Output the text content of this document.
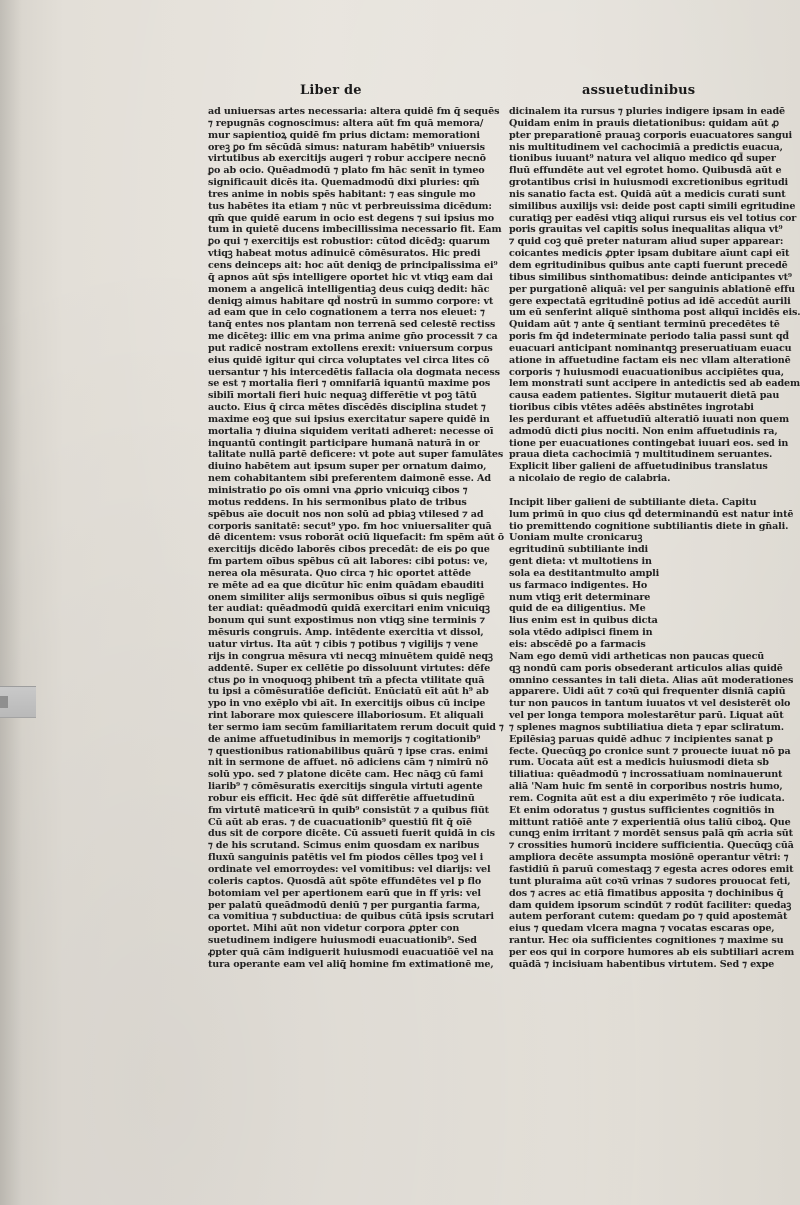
Liber de	assuetudinibus
ad uniuersas artes necessaria: altera quidē fm q̄ sequēs
⁊ repugnās cognoscimus: altera aūt fm quā memora/
mur sapientioꝝ quidē fm prius dictam: memorationi
oreꝫ ꝑo fm sēcūdā simus: naturam habētib⁹ vniuersis
virtutibus ab exercitijs augeri ⁊ robur accipere necnō
ꝑo ab ocio. Quēadmodū ⁊ plato fm hāc senīt in tymeo
significauit dicēs ita. Quemadmodū dixi pluries: qm̄
tres anime in nobis spēs habitant: ⁊ eas singule mo
tus habētes ita etiam ⁊ nūc vt perbreuissima dicēdum:
qm̄ que quidē earum in ocio est degens ⁊ sui ipsius mo
tum in quietē ducens imbecillissima necessario fit. Eam
ꝑo qui ⁊ exercitijs est robustior: cūtod dicēdꝫ: quarum
vtiqꝫ habeat motus adinuicē cōmēsuratos. Hic predi
cens deinceps ait: hoc aūt deniqꝫ de principalissima ei⁹
q̄ apnos aūt sp̄s intelligere oportet hic vt vtiqꝫ eam dai
monem a angelicā intelligentiaꝫ deus cuiqꝫ dedit: hāc
deniqꝫ aimus habitare qd̄ nostrū in summo corpore: vt
ad eam que in celo cognationem a terra nos eleuet: ⁊
tanq̄ entes nos plantam non terrenā sed celestē rectiss
me dicēteꝫ: illic em vna prima anime gn̄o processit ⁊ ca
put radicē nostram extollens erexit: vniuersum corpus
eius quidē igitur qui circa voluptates vel circa lites cō
uersantur ⁊ his intercedētis fallacia ola dogmata necess
se est ⁊ mortalia fieri ⁊ omnifariā iquantū maxime pos
sibilī mortali fieri huic nequaꝫ differētie vt poꝫ tātū
aucto. Eius q̄ circa mētes dīscēdēs disciplina studet ⁊
maxime eoꝫ que sui ipsius exercitatur sapere quidē in
mortalia ⁊ diuina siquidem veritati adheret: necesse oī
inquantū contingit participare humanā naturā in or
talitate nullā partē deficere: vt pote aut super famulātes
diuino habētem aut ipsum super per ornatum daimo,
nem cohabitantem sibi preferentem daimonē esse. Ad
ministratio ꝑo oīs omni vna ꝓprio vnicuiqꝫ cibos ⁊
motus reddens. In his sermonibus plato de tribus
spēbus aīe docuit nos non solū ad pbiaꝫ vtilesed ⁊ ad
corporis sanitatē: secut⁹ ypo. fm hoc vniuersaliter quā
dē dicentem: vsus roborāt ociū liquefacit: fm spēm aūt ō
exercitijs dicēdo laborēs cibos precedāt: de eis ꝑo que
fm partem oībus spēbus cū ait labores: cibi potus: ve,
nerea ola mēsurata. Quo circa ⁊ hic oportet attēde
re mēte ad ea que dicūtur hīc enim quādam ebauditi
onem similiter alijs sermonibus oībus si quis neglīgē
ter audiat: quēadmodū quidā exercitari enim vnicuiqꝫ
bonum qui sunt expostimus non vtiqꝫ sine terminis ⁊
mēsuris congruis. Amp. intēdente exercitia vt dissol,
uatur virtus. Ita aūt ⁊ cibis ⁊ potibus ⁊ vigilijs ⁊ vene
rijs in congrua mēsura vti necqꝫ minuētem quidē neqꝫ
addentē. Super ex cellētie ꝑo dissoluunt virtutes: dēfe
ctus ꝑo in vnoquoqꝫ phibent tm̄ a pfecta vtilitate quā
tu ipsi a cōmēsuratiōe deficiūt. Enūciatū eīt aūt h⁹ ab
ypo in vno exēplo vbi aīt. In exercitijs oibus cū incipe
rint laborare mox quiescere illaboriosum. Et aliquali
ter sermo iam secūm familiaritatem rerum docuit quid ⁊
de anime affuetudinibus in memorijs ⁊ cogitationib⁹
⁊ questionibus rationabilibus quārū ⁊ ipse cras. enimi
nit in sermone de affuet. nō adiciens cām ⁊ nimirū nō
solū ypo. sed ⁊ platone dicēte cam. Hec nāqꝫ cū fami
liarib⁹ ⁊ cōmēsuratis exercitijs singula virtuti agente
robur eis efficit. Hec q̄dē sūt differētie affuetudinū
fm virtutē maticeꝛrū in quib⁹ consistūt ⁊ a quibus fiūt
Cū aūt ab eras. ⁊ de cuacuationib⁹ questiū fit q̄ oīē
dus sit de corpore dicēte. Cū assueti fuerit quidā in cis
⁊ de his scrutand. Scimus enim quosdam ex naribus
fluxū sanguinis patētis vel fm piodos cēlles tpoꝫ vel i
ordinate vel emorroydes: vel vomitibus: vel diarijs: vel
coleris captos. Quosdā aūt spōte effundētes vel p flo
botomiam vel per apertionem earū que in ff yris: vel
per palatū queādmodū deniū ⁊ per purgantia farma,
ca vomitiua ⁊ subductiua: de quibus cūtā ipsis scrutari
oportet. Mihi aūt non videtur corpora ꝓpter con
suetudinem indigere huiusmodi euacuationib⁹. Sed
ꝓpter quā cām indiguerit huiusmodi euacuatiōē vel na
tura operante eam vel aliq̄ homine fm extimationē me,
dicinalem ita rursus ⁊ pluries indigere ipsam in eadē
Quidam enim in prauis dietationibus: quidam aūt ꝓ
pter preparationē prauaꝫ corporis euacuatores sangui
nis multitudinem vel cachocimiā a predictis euacua,
tionibus iuuant⁹ natura vel aliquo medico qd̄ super
fluū effundēte aut vel egrotet homo. Quibusdā aūt e
grotantibus crisi in huiusmodi excretionibus egritudi
nis sanatio facta est. Quidā aūt a medicis curati sunt
similibus auxilijs vsi: deide post capti simili egritudine
curatiqꝫ per eadēsi vtiqꝫ aliqui rursus eis vel totius cor
poris grauitas vel capitis solus inequalitas aliqua vt⁹
⁊ quid coꝫ quē preter naturam aliud super apparear:
coicantes medicis ꝓpter ipsam dubitare aīunt capi eīt
dem egritudinibus quibus ante capti fuerunt precedē
tibus similibus sinthomatibus: deinde anticipantes vt⁹
per purgationē aliquā: vel per sanguinis ablationē effu
gere expectatā egritudinē potius ad idē accedūt aurili
um eū senferint aliquē sinthoma post aliquī incidēs eis.
Quidam aūt ⁊ ante q̄ sentiant terminū precedētes tē
poris fm q̄d indeterminate periodo talia passi sunt qd̄
euacuari anticipant nominantqꝫ preseruatiuam euacu
atione in affuetudine factam eis nec vllam alterationē
corporis ⁊ huiusmodi euacuationibus accipiētes qua,
lem monstrati sunt accipere in antedictis sed ab eadem
causa eadem patientes. Sigitur mutauerit dietā pau
tioribus cibis vtētes adēēs abstinētes ingrotabi
les perdurant et affuetudīū alteratiō iuuati non quem
admodū dicti ꝑius nociti. Non enim affuetudinis ra,
tione per euacuationes contingebat iuuari eos. sed in
praua dieta cachocimiā ⁊ multitudinem seruantes.
Explicit liber galieni de affuetudinibus translatus
a nicolaio de regio de calabria.
Incipit liber galieni de subtiliante dieta. Capitu
lum primū in quo cius qd̄ determinandū est natur intē
tio premittendo cognitione subtiliantis diete in gn̄ali.
Uoniam multe cronicaruꝫ
egritudinū subtiliante indi
gent dieta: vt multotiens in
sola ea destitantmulto ampli
us farmaco indigentes. Ho
num vtiqꝫ erit determinare
quid de ea diligentius. Me
lius enim est in quibus dicta
sola vtēdo adipisci finem in
eis: abscēdē ꝑo a farmacis
Nam ego demū vidi artheticas non paucas quecū
qꝫ nondū cam poris obsederant articulos alias quidē
omnino cessantes in tali dieta. Alias aūt moderationes
apparere. Uidi aūt ⁊ coꝛū qui frequenter disniā capiū
tur non paucos in tantum iuuatos vt vel desisterēt olo
vel per longa tempora molestarētur parū. Liquat aūt
⁊ splenes magnos subtiliatiua dieta ⁊ epar scliratum.
Epilēsiaꝫ paruas quidē adhuc ⁊ incipientes sanat p
fecte. Quecūqꝫ ꝑo cronice sunt ⁊ prouecte iuuat nō pa
rum. Uocata aūt est a medicis huiusmodi dieta sb
tiliatiua: quēadmodū ⁊ incrossatiuam nominauerunt
aliā 'Nam huic fm sentē in corporibus nostris humo,
rem. Cognita aūt est a diu experimēto ⁊ rōe iudicata.
Et enim odoratus ⁊ gustus sufficientes cognitiōs in
mittunt ratiōē ante ⁊ experientiā oius taliū ciboꝝ. Que
cunqꝫ enim irritant ⁊ mordēt sensus palā qm̄ acria sūt
⁊ crossities humorū incidere sufficientia. Quecūqꝫ cūā
ampliora decēte assumpta mosiōnē operantur vētri: ⁊
fastidiū n̄ paruū comestaqꝫ ⁊ egesta acres odores emit
tunt pluraima aūt coꝛū vrinas ⁊ sudores prouocat feti,
dos ⁊ acres ac etiā fimatibus apposita ⁊ dochinibus q̄
dam quidem ipsorum scindūt ⁊ rodūt faciliter: quedaꝫ
autem perforant cutem: quedam ꝑo ⁊ quid apostemāt
eius ⁊ quedam vlcera magna ⁊ vocatas escaras ope,
rantur. Hec oia sufficientes cognitiones ⁊ maxime su
per eos qui in corpore humores ab eis subtiliari acrem
quādā ⁊ incisiuam habentibus virtutem. Sed ⁊ expe
